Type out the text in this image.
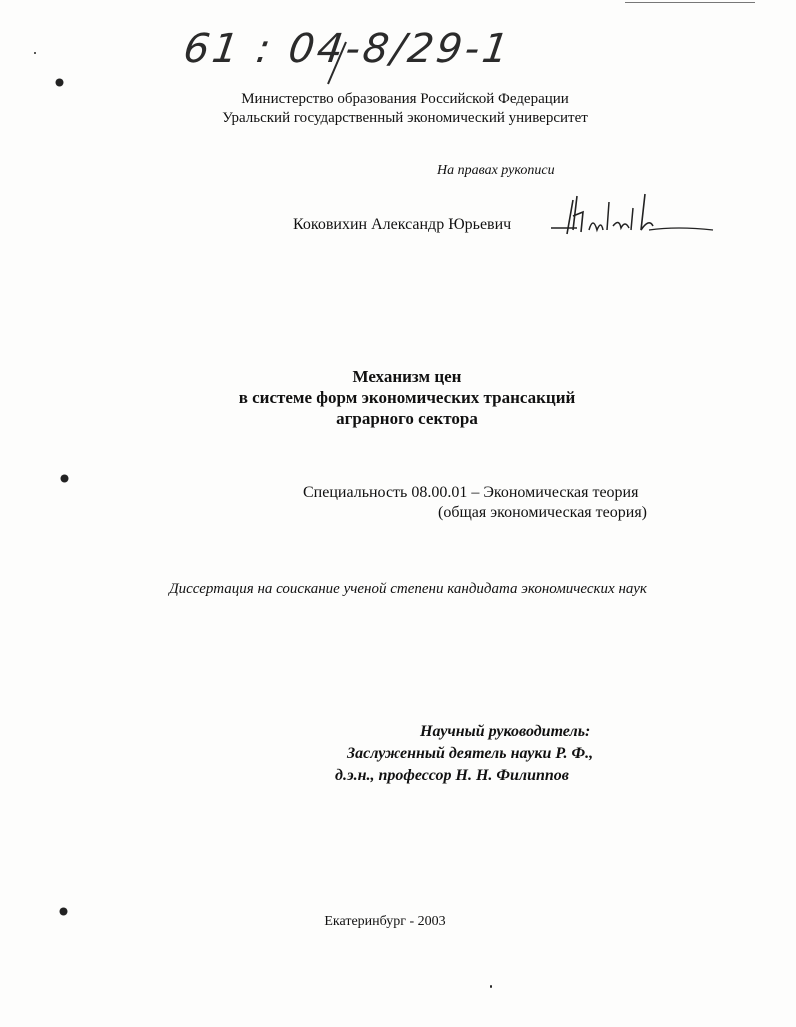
61 : 04-8/29-1
Министерство образования Российской Федерации
Уральский государственный экономический университет
На правах рукописи
Коковихин Александр Юрьевич
Механизм цен
в системе форм экономических трансакций
аграрного сектора
Специальность 08.00.01 – Экономическая теория
(общая экономическая теория)
Диссертация на соискание ученой степени кандидата экономических наук
Научный руководитель:
Заслуженный деятель науки Р. Ф.,
д.э.н., профессор Н. Н. Филиппов
Екатеринбург - 2003
